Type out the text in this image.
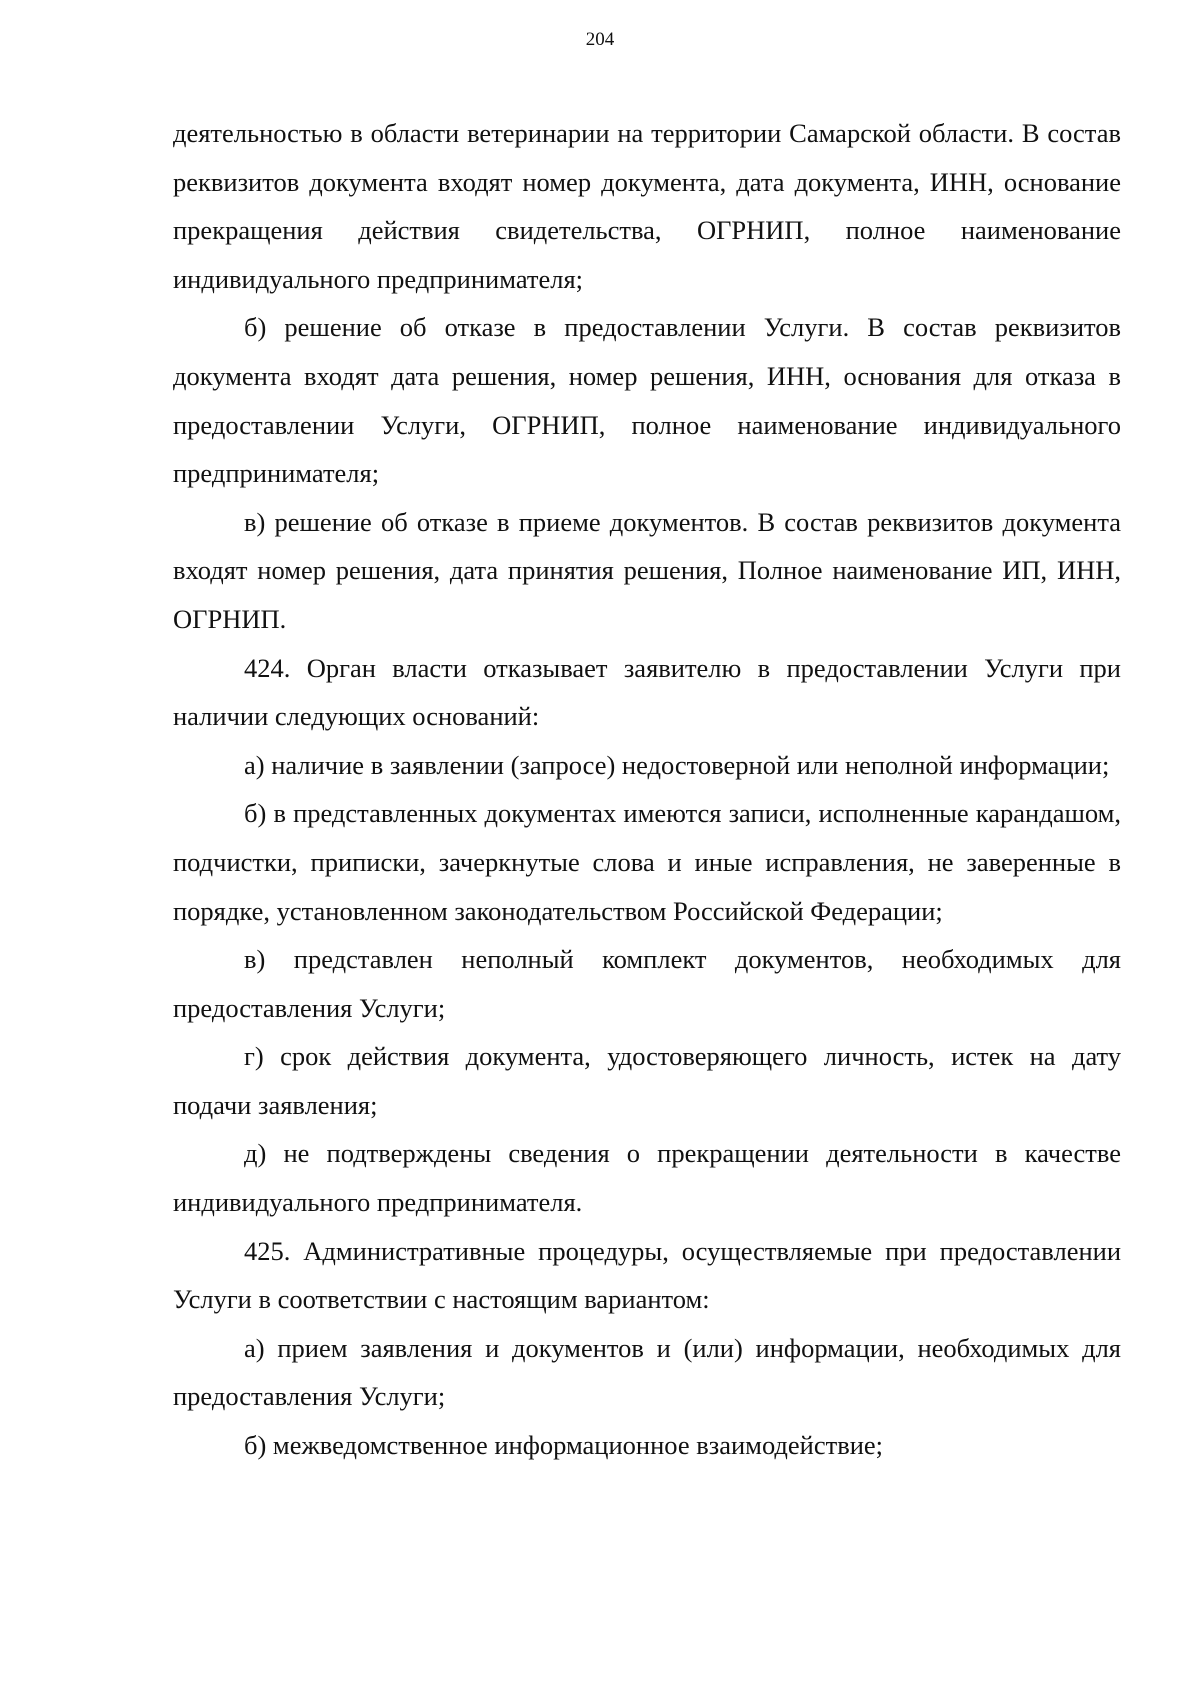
204

деятельностью в области ветеринарии на территории Самарской области. В состав реквизитов документа входят номер документа, дата документа, ИНН, основание прекращения действия свидетельства, ОГРНИП, полное наименование индивидуального предпринимателя;

б) решение об отказе в предоставлении Услуги. В состав реквизитов документа входят дата решения, номер решения, ИНН, основания для отказа в предоставлении Услуги, ОГРНИП, полное наименование индивидуального предпринимателя;

в) решение об отказе в приеме документов. В состав реквизитов документа входят номер решения, дата принятия решения, Полное наименование ИП, ИНН, ОГРНИП.

424. Орган власти отказывает заявителю в предоставлении Услуги при наличии следующих оснований:

а) наличие в заявлении (запросе) недостоверной или неполной информации;

б) в представленных документах имеются записи, исполненные карандашом, подчистки, приписки, зачеркнутые слова и иные исправления, не заверенные в порядке, установленном законодательством Российской Федерации;

в) представлен неполный комплект документов, необходимых для предоставления Услуги;

г) срок действия документа, удостоверяющего личность, истек на дату подачи заявления;

д) не подтверждены сведения о прекращении деятельности в качестве индивидуального предпринимателя.

425. Административные процедуры, осуществляемые при предоставлении Услуги в соответствии с настоящим вариантом:

а) прием заявления и документов и (или) информации, необходимых для предоставления Услуги;

б) межведомственное информационное взаимодействие;
